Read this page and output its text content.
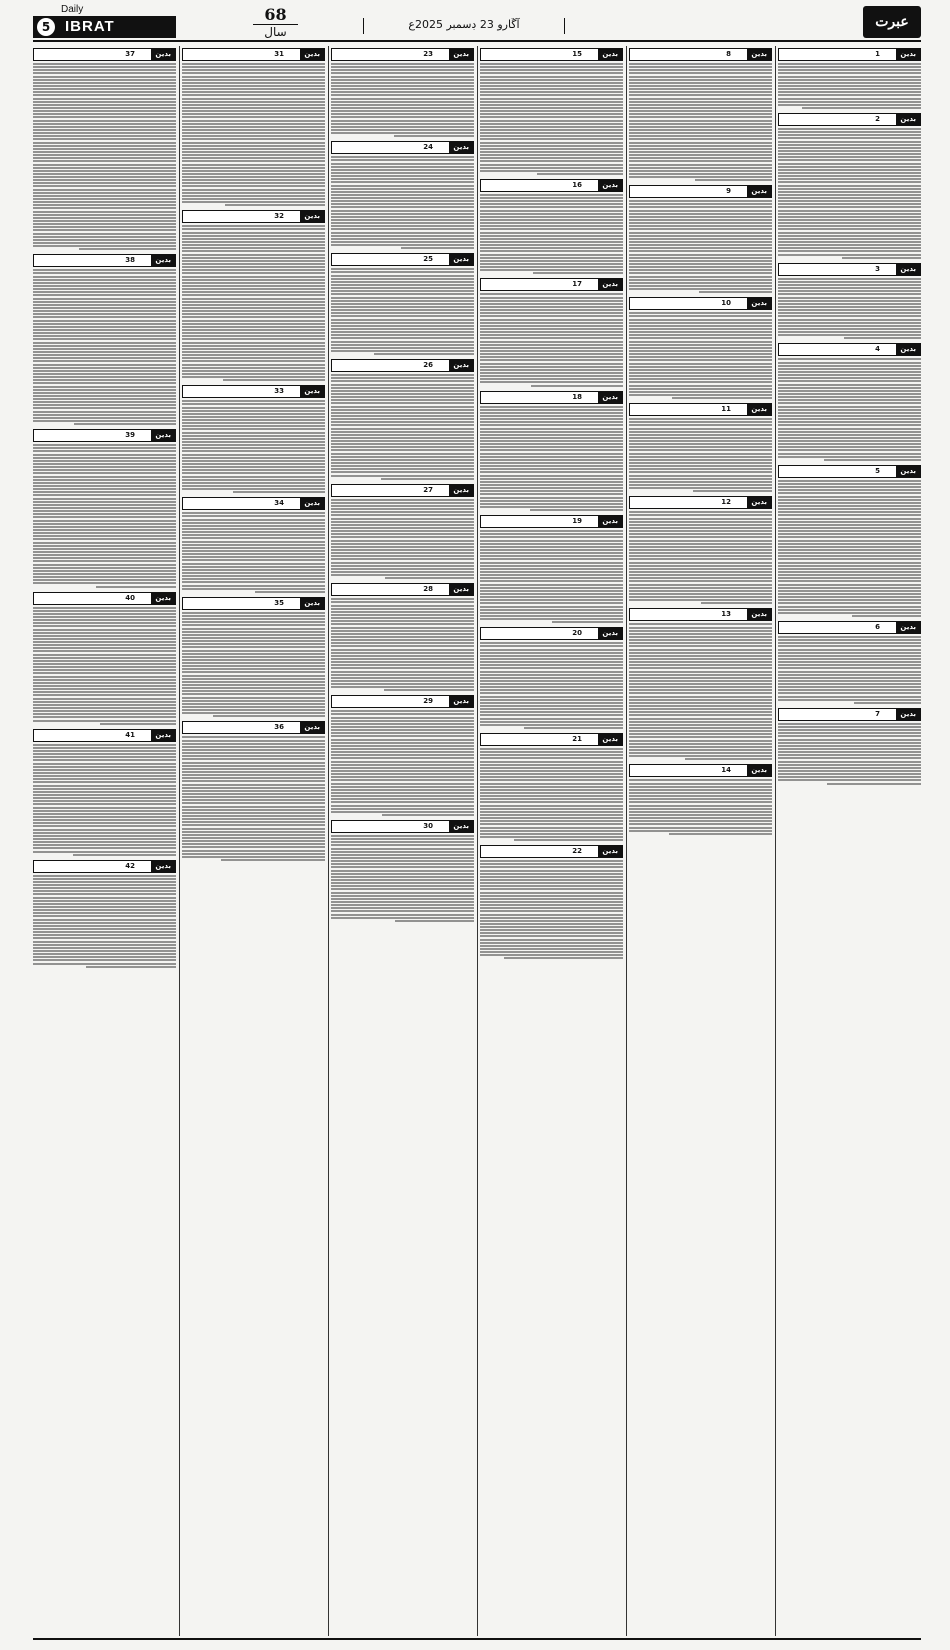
5
Daily
IBRAT
68
سال
آڱارو 23 ڊسمبر 2025ع	عبرت
بدين
1
بدين
2
بدين
3
بدين
4
بدين
5
بدين
6
بدين
7
بدين
8
بدين
9
بدين
10
بدين
11
بدين
12
بدين
13
بدين
14
بدين
15
بدين
16
بدين
17
بدين
18
بدين
19
بدين
20
بدين
21
بدين
22
بدين
23
بدين
24
بدين
25
بدين
26
بدين
27
بدين
28
بدين
29
بدين
30
بدين
31
بدين
32
بدين
33
بدين
34
بدين
35
بدين
36
بدين
37
بدين
38
بدين
39
بدين
40
بدين
41
بدين
42
